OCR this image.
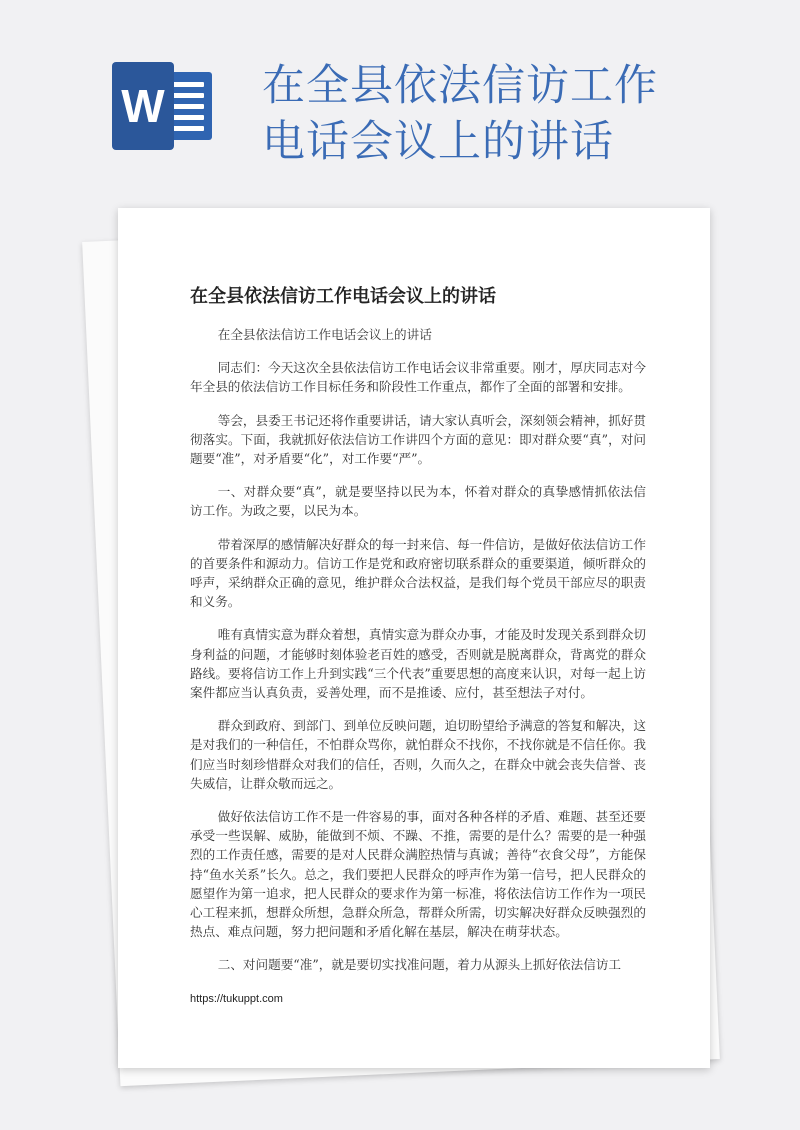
W 在全县依法信访工作电话会议上的讲话
在全县依法信访工作电话会议上的讲话

在全县依法信访工作电话会议上的讲话

同志们：今天这次全县依法信访工作电话会议非常重要。刚才，厚庆同志对今年全县的依法信访工作目标任务和阶段性工作重点，都作了全面的部署和安排。

等会，县委王书记还将作重要讲话，请大家认真听会，深刻领会精神，抓好贯彻落实。下面，我就抓好依法信访工作讲四个方面的意见：即对群众要“真”，对问题要“准”，对矛盾要“化”，对工作要“严”。

一、对群众要“真”，就是要坚持以民为本，怀着对群众的真挚感情抓依法信访工作。为政之要，以民为本。

带着深厚的感情解决好群众的每一封来信、每一件信访，是做好依法信访工作的首要条件和源动力。信访工作是党和政府密切联系群众的重要渠道，倾听群众的呼声，采纳群众正确的意见，维护群众合法权益，是我们每个党员干部应尽的职责和义务。

唯有真情实意为群众着想，真情实意为群众办事，才能及时发现关系到群众切身利益的问题，才能够时刻体验老百姓的感受，否则就是脱离群众，背离党的群众路线。要将信访工作上升到实践“三个代表”重要思想的高度来认识，对每一起上访案件都应当认真负责，妥善处理，而不是推诿、应付，甚至想法子对付。

群众到政府、到部门、到单位反映问题，迫切盼望给予满意的答复和解决，这是对我们的一种信任，不怕群众骂你，就怕群众不找你，不找你就是不信任你。我们应当时刻珍惜群众对我们的信任，否则，久而久之，在群众中就会丧失信誉、丧失威信，让群众敬而远之。

做好依法信访工作不是一件容易的事，面对各种各样的矛盾、难题、甚至还要承受一些误解、威胁，能做到不烦、不躁、不推，需要的是什么？需要的是一种强烈的工作责任感，需要的是对人民群众满腔热情与真诚；善待“衣食父母”，方能保持“鱼水关系”长久。总之，我们要把人民群众的呼声作为第一信号，把人民群众的愿望作为第一追求，把人民群众的要求作为第一标准，将依法信访工作作为一项民心工程来抓，想群众所想，急群众所急，帮群众所需，切实解决好群众反映强烈的热点、难点问题，努力把问题和矛盾化解在基层，解决在萌芽状态。

二、对问题要“准”，就是要切实找准问题，着力从源头上抓好依法信访工

https://tukuppt.com
